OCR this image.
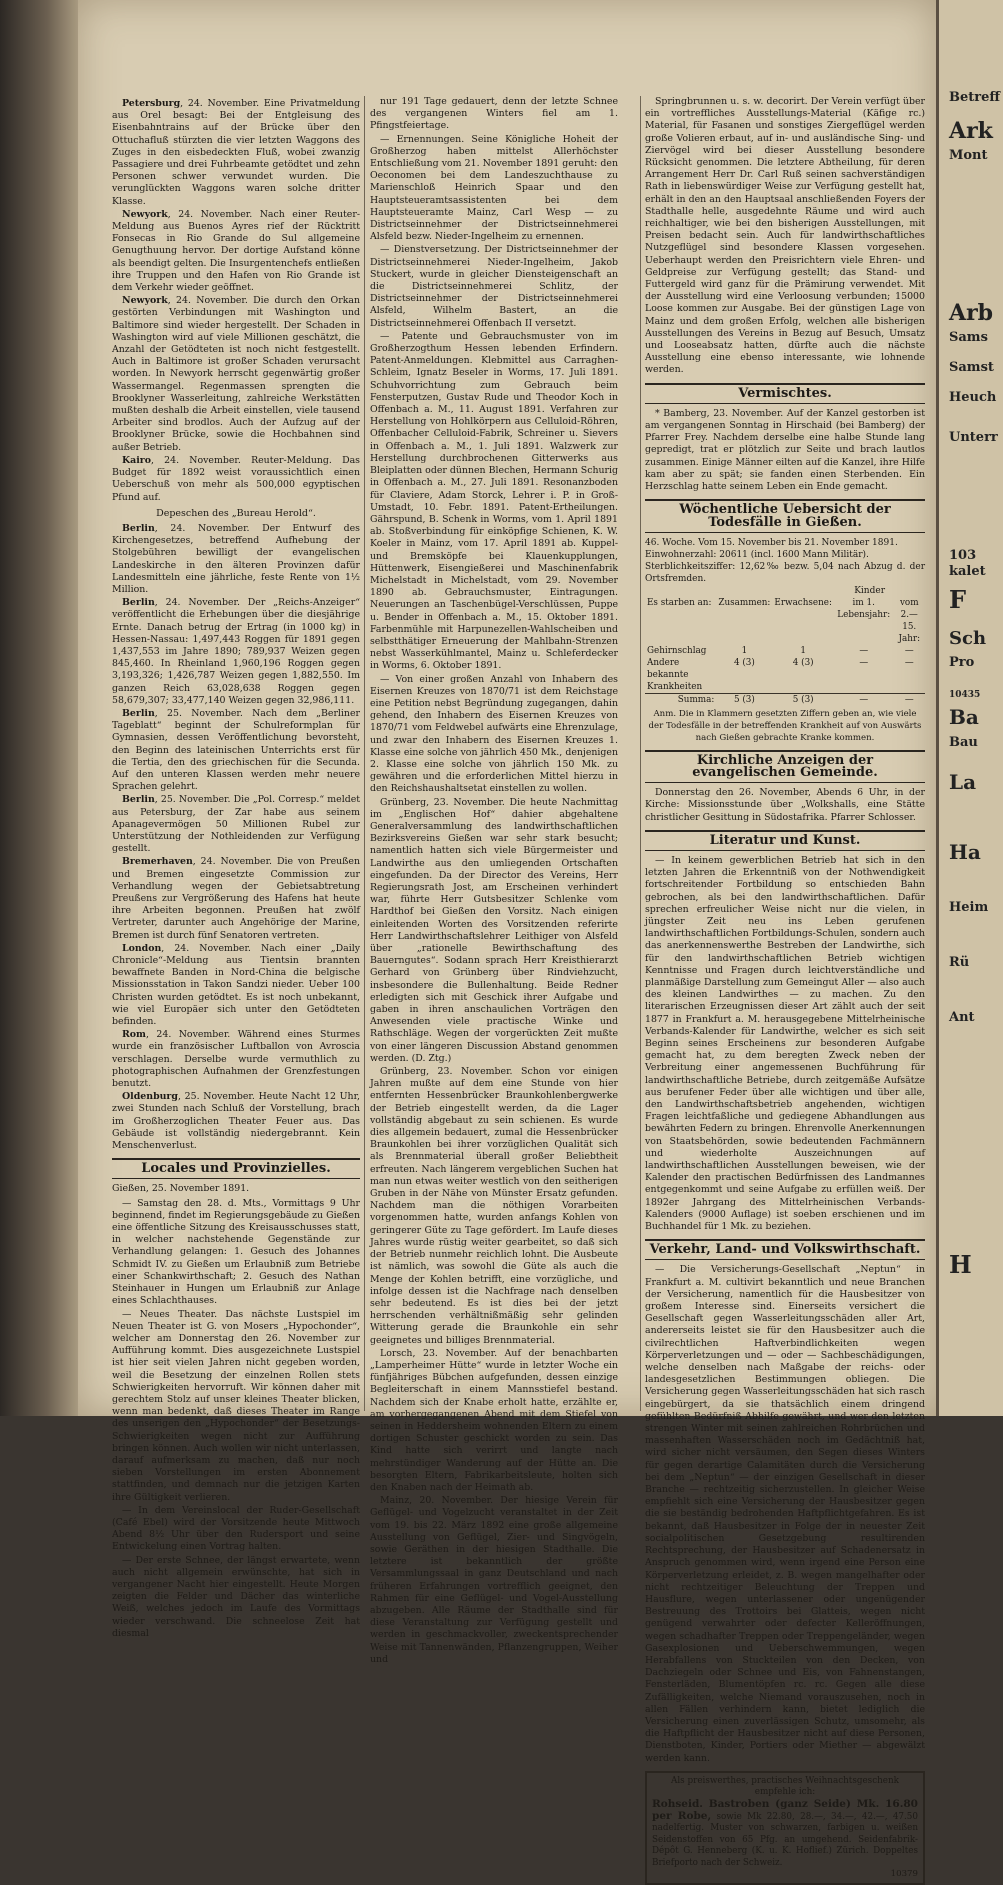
Petersburg, 24. November. Eine Privatmeldung aus Orel besagt: Bei der Entgleisung des Eisenbahntrains auf der Brücke über den Ottuchafluß stürzten die vier letzten Waggons des Zuges in den eisbedeckten Fluß, wobei zwanzig Passagiere und drei Fuhrbeamte getödtet und zehn Personen schwer verwundet wurden. Die verunglückten Waggons waren solche dritter Klasse.

Newyork, 24. November. Nach einer Reuter-Meldung aus Buenos Ayres rief der Rücktritt Fonsecas in Rio Grande do Sul allgemeine Genugthuung hervor. Der dortige Aufstand könne als beendigt gelten. Die Insurgentenchefs entließen ihre Truppen und den Hafen von Rio Grande ist dem Verkehr wieder geöffnet.

Newyork, 24. November. Die durch den Orkan gestörten Verbindungen mit Washington und Baltimore sind wieder hergestellt. Der Schaden in Washington wird auf viele Millionen geschätzt, die Anzahl der Getödteten ist noch nicht festgestellt. Auch in Baltimore ist großer Schaden verursacht worden. In Newyork herrscht gegenwärtig großer Wassermangel. Regenmassen sprengten die Brooklyner Wasserleitung, zahlreiche Werkstätten mußten deshalb die Arbeit einstellen, viele tausend Arbeiter sind brodlos. Auch der Aufzug auf der Brooklyner Brücke, sowie die Hochbahnen sind außer Betrieb.

Kairo, 24. November. Reuter-Meldung. Das Budget für 1892 weist voraussichtlich einen Ueberschuß von mehr als 500,000 egyptischen Pfund auf.

Depeschen des „Bureau Herold“.

Berlin, 24. November. Der Entwurf des Kirchengesetzes, betreffend Aufhebung der Stolgebühren bewilligt der evangelischen Landeskirche in den älteren Provinzen dafür Landesmitteln eine jährliche, feste Rente von 1½ Million.

Berlin, 24. November. Der „Reichs-Anzeiger“ veröffentlicht die Erhebungen über die diesjährige Ernte. Danach betrug der Ertrag (in 1000 kg) in Hessen-Nassau: 1,497,443 Roggen für 1891 gegen 1,437,553 im Jahre 1890; 789,937 Weizen gegen 845,460. In Rheinland 1,960,196 Roggen gegen 3,193,326; 1,426,787 Weizen gegen 1,882,550. Im ganzen Reich 63,028,638 Roggen gegen 58,679,307; 33,477,140 Weizen gegen 32,986,111.

Berlin, 25. November. Nach dem „Berliner Tageblatt“ beginnt der Schulreformplan für Gymnasien, dessen Veröffentlichung bevorsteht, den Beginn des lateinischen Unterrichts erst für die Tertia, den des griechischen für die Secunda. Auf den unteren Klassen werden mehr neuere Sprachen gelehrt.

Berlin, 25. November. Die „Pol. Corresp.“ meldet aus Petersburg, der Zar habe aus seinem Apanagevermögen 50 Millionen Rubel zur Unterstützung der Nothleidenden zur Verfügung gestellt.

Bremerhaven, 24. November. Die von Preußen und Bremen eingesetzte Commission zur Verhandlung wegen der Gebietsabtretung Preußens zur Vergrößerung des Hafens hat heute ihre Arbeiten begonnen. Preußen hat zwölf Vertreter, darunter auch Angehörige der Marine, Bremen ist durch fünf Senatoren vertreten.

London, 24. November. Nach einer „Daily Chronicle“-Meldung aus Tientsin brannten bewaffnete Banden in Nord-China die belgische Missionsstation in Takon Sandzi nieder. Ueber 100 Christen wurden getödtet. Es ist noch unbekannt, wie viel Europäer sich unter den Getödteten befinden.

Rom, 24. November. Während eines Sturmes wurde ein französischer Luftballon von Avroscia verschlagen. Derselbe wurde vermuthlich zu photographischen Aufnahmen der Grenzfestungen benutzt.

Oldenburg, 25. November. Heute Nacht 12 Uhr, zwei Stunden nach Schluß der Vorstellung, brach im Großherzoglichen Theater Feuer aus. Das Gebäude ist vollständig niedergebrannt. Kein Menschenverlust.

Locales und Provinzielles.
Gießen, 25. November 1891.

— Samstag den 28. d. Mts., Vormittags 9 Uhr beginnend, findet im Regierungsgebäude zu Gießen eine öffentliche Sitzung des Kreisausschusses statt, in welcher nachstehende Gegenstände zur Verhandlung gelangen: 1. Gesuch des Johannes Schmidt IV. zu Gießen um Erlaubniß zum Betriebe einer Schankwirthschaft; 2. Gesuch des Nathan Steinhauer in Hungen um Erlaubniß zur Anlage eines Schlachthauses.

— Neues Theater. Das nächste Lustspiel im Neuen Theater ist G. von Mosers „Hypochonder“, welcher am Donnerstag den 26. November zur Aufführung kommt. Dies ausgezeichnete Lustspiel ist hier seit vielen Jahren nicht gegeben worden, weil die Besetzung der einzelnen Rollen stets Schwierigkeiten hervorruft. Wir können daher mit gerechtem Stolz auf unser kleines Theater blicken, wenn man bedenkt, daß dieses Theater im Range des unserigen den „Hypochonder“ der Besetzungs-Schwierigkeiten wegen nicht zur Aufführung bringen können. Auch wollen wir nicht unterlassen, darauf aufmerksam zu machen, daß nur noch sieben Vorstellungen im ersten Abonnement stattfinden, und demnach nur die jetzigen Karten ihre Gültigkeit verlieren.

— In dem Vereinslocal der Ruder-Gesellschaft (Café Ebel) wird der Vorsitzende heute Mittwoch Abend 8½ Uhr über den Rudersport und seine Entwickelung einen Vortrag halten.

— Der erste Schnee, der längst erwartete, wenn auch nicht allgemein erwünschte, hat sich in vergangener Nacht hier eingestellt. Heute Morgen zeigten die Felder und Dächer das winterliche Weiß, welches jedoch im Laufe des Vormittags wieder verschwand. Die schneelose Zeit hat diesmal

nur 191 Tage gedauert, denn der letzte Schnee des vergangenen Winters fiel am 1. Pfingstfeiertage.

— Ernennungen. Seine Königliche Hoheit der Großherzog haben mittelst Allerhöchster Entschließung vom 21. November 1891 geruht: den Oeconomen bei dem Landeszuchthause zu Marienschloß Heinrich Spaar und den Hauptsteueramtsassistenten bei dem Hauptsteueramte Mainz, Carl Wesp — zu Districtseinnehmer der Districtseinnehmerei Alsfeld bezw. Nieder-Ingelheim zu ernennen.

— Dienstversetzung. Der Districtseinnehmer der Districtseinnehmerei Nieder-Ingelheim, Jakob Stuckert, wurde in gleicher Diensteigenschaft an die Districtseinnehmerei Schlitz, der Districtseinnehmer der Districtseinnehmerei Alsfeld, Wilhelm Bastert, an die Districtseinnehmerei Offenbach II versetzt.

— Patente und Gebrauchsmuster von im Großherzogthum Hessen lebenden Erfindern. Patent-Anmeldungen. Klebmittel aus Carraghen-Schleim, Ignatz Beseler in Worms, 17. Juli 1891. Schuhvorrichtung zum Gebrauch beim Fensterputzen, Gustav Rude und Theodor Koch in Offenbach a. M., 11. August 1891. Verfahren zur Herstellung von Hohlkörpern aus Celluloid-Röhren, Offenbacher Celluloid-Fabrik, Schreiner u. Sievers in Offenbach a. M., 1. Juli 1891. Walzwerk zur Herstellung durchbrochenen Gitterwerks aus Bleiplatten oder dünnen Blechen, Hermann Schurig in Offenbach a. M., 27. Juli 1891. Resonanzboden für Claviere, Adam Storck, Lehrer i. P. in Groß-Umstadt, 10. Febr. 1891. Patent-Ertheilungen. Gährspund, B. Schenk in Worms, vom 1. April 1891 ab. Stoßverbindung für einköpfige Schienen, K. W. Koeler in Mainz, vom 17. April 1891 ab. Kuppel- und Bremsköpfe bei Klauenkupplungen, Hüttenwerk, Eisengießerei und Maschinenfabrik Michelstadt in Michelstadt, vom 29. November 1890 ab. Gebrauchsmuster, Eintragungen. Neuerungen an Taschenbügel-Verschlüssen, Puppe u. Bender in Offenbach a. M., 15. Oktober 1891. Farbenmühle mit Harpunezellen-Wahlscheiben und selbstthätiger Erneuerung der Mahlbahn-Strenzen nebst Wasserkühlmantel, Mainz u. Schleferdecker in Worms, 6. Oktober 1891.

— Von einer großen Anzahl von Inhabern des Eisernen Kreuzes von 1870/71 ist dem Reichstage eine Petition nebst Begründung zugegangen, dahin gehend, den Inhabern des Eisernen Kreuzes von 1870/71 vom Feldwebel aufwärts eine Ehrenzulage, und zwar den Inhabern des Eisernen Kreuzes 1. Klasse eine solche von jährlich 450 Mk., denjenigen 2. Klasse eine solche von jährlich 150 Mk. zu gewähren und die erforderlichen Mittel hierzu in den Reichshaushaltsetat einstellen zu wollen.

Grünberg, 23. November. Die heute Nachmittag im „Englischen Hof“ dahier abgehaltene Generalversammlung des landwirthschaftlichen Bezirksvereins Gießen war sehr stark besucht; namentlich hatten sich viele Bürgermeister und Landwirthe aus den umliegenden Ortschaften eingefunden. Da der Director des Vereins, Herr Regierungsrath Jost, am Erscheinen verhindert war, führte Herr Gutsbesitzer Schlenke vom Hardthof bei Gießen den Vorsitz. Nach einigen einleitenden Worten des Vorsitzenden referirte Herr Landwirthschaftslehrer Leithiger von Alsfeld über „rationelle Bewirthschaftung des Bauerngutes“. Sodann sprach Herr Kreisthierarzt Gerhard von Grünberg über Rindviehzucht, insbesondere die Bullenhaltung. Beide Redner erledigten sich mit Geschick ihrer Aufgabe und gaben in ihren anschaulichen Vorträgen den Anwesenden viele practische Winke und Rathschläge. Wegen der vorgerückten Zeit mußte von einer längeren Discussion Abstand genommen werden. (D. Ztg.)

Grünberg, 23. November. Schon vor einigen Jahren mußte auf dem eine Stunde von hier entfernten Hessenbrücker Braunkohlenbergwerke der Betrieb eingestellt werden, da die Lager vollständig abgebaut zu sein schienen. Es wurde dies allgemein bedauert, zumal die Hessenbrücker Braunkohlen bei ihrer vorzüglichen Qualität sich als Brennmaterial überall großer Beliebtheit erfreuten. Nach längerem vergeblichen Suchen hat man nun etwas weiter westlich von den seitherigen Gruben in der Nähe von Münster Ersatz gefunden. Nachdem man die nöthigen Vorarbeiten vorgenommen hatte, wurden anfangs Kohlen von geringerer Güte zu Tage gefördert. Im Laufe dieses Jahres wurde rüstig weiter gearbeitet, so daß sich der Betrieb nunmehr reichlich lohnt. Die Ausbeute ist nämlich, was sowohl die Güte als auch die Menge der Kohlen betrifft, eine vorzügliche, und infolge dessen ist die Nachfrage nach denselben sehr bedeutend. Es ist dies bei der jetzt herrschenden verhältnißmäßig sehr gelinden Witterung gerade die Braunkohle ein sehr geeignetes und billiges Brennmaterial.

Lorsch, 23. November. Auf der benachbarten „Lamperheimer Hütte“ wurde in letzter Woche ein fünfjähriges Bübchen aufgefunden, dessen einzige Begleiterschaft in einem Mannsstiefel bestand. Nachdem sich der Knabe erholt hatte, erzählte er, am vorhergegangenen Abend mit dem Stiefel von seinen in Heddersheim wohnenden Eltern zu einem dortigen Schuster geschickt worden zu sein. Das Kind hatte sich verirrt und langte nach mehrstündiger Wanderung auf der Hütte an. Die besorgten Eltern, Fabrikarbeitsleute, holten sich den Knaben nach der Heimath ab.

Mainz, 20. November. Der hiesige Verein für Geflügel- und Vogelzucht veranstaltet in der Zeit vom 19. bis 22. März 1892 eine große allgemeine Ausstellung von Geflügel, Zier- und Singvögeln, sowie Geräthen in der hiesigen Stadthalle. Die letztere ist bekanntlich der größte Versammlungssaal in ganz Deutschland und nach früheren Erfahrungen vortrefflich geeignet, den Rahmen für eine Geflügel- und Vogel-Ausstellung abzugeben. Alle Räume der Stadthalle sind für diese Veranstaltung zur Verfügung gestellt und werden in geschmackvoller, zweckentsprechender Weise mit Tannenwänden, Pflanzengruppen, Weiher und

Springbrunnen u. s. w. decorirt. Der Verein verfügt über ein vortreffliches Ausstellungs-Material (Käfige rc.) Material, für Fasanen und sonstiges Ziergeflügel werden große Volieren erbaut, auf in- und ausländische Sing- und Ziervögel wird bei dieser Ausstellung besondere Rücksicht genommen. Die letztere Abtheilung, für deren Arrangement Herr Dr. Carl Ruß seinen sachverständigen Rath in liebenswürdiger Weise zur Verfügung gestellt hat, erhält in den an den Hauptsaal anschließenden Foyers der Stadthalle helle, ausgedehnte Räume und wird auch reichhaltiger, wie bei den bisherigen Ausstellungen, mit Preisen bedacht sein. Auch für landwirthschaftliches Nutzgeflügel sind besondere Klassen vorgesehen. Ueberhaupt werden den Preisrichtern viele Ehren- und Geldpreise zur Verfügung gestellt; das Stand- und Futtergeld wird ganz für die Prämirung verwendet. Mit der Ausstellung wird eine Verloosung verbunden; 15000 Loose kommen zur Ausgabe. Bei der günstigen Lage von Mainz und dem großen Erfolg, welchen alle bisherigen Ausstellungen des Vereins in Bezug auf Besuch, Umsatz und Looseabsatz hatten, dürfte auch die nächste Ausstellung eine ebenso interessante, wie lohnende werden.

Vermischtes.

* Bamberg, 23. November. Auf der Kanzel gestorben ist am vergangenen Sonntag in Hirschaid (bei Bamberg) der Pfarrer Frey. Nachdem derselbe eine halbe Stunde lang gepredigt, trat er plötzlich zur Seite und brach lautlos zusammen. Einige Männer eilten auf die Kanzel, ihre Hilfe kam aber zu spät; sie fanden einen Sterbenden. Ein Herzschlag hatte seinem Leben ein Ende gemacht.

Wöchentliche Uebersicht der Todesfälle in Gießen.
46. Woche. Vom 15. November bis 21. November 1891.
Einwohnerzahl: 20611 (incl. 1600 Mann Militär).
Sterblichkeitsziffer: 12,62‰ bezw. 5,04 nach Abzug d. der Ortsfremden.
Kinder
Es starben an:	Zusammen:	Erwachsene:	im 1. Lebensjahr:	vom 2.—15. Jahr:
Gehirnschlag	1	1	—	—
Andere bekannte Krankheiten	4 (3)	4 (3)	—	—
Summa:	5 (3)	5 (3)	—	—
Anm. Die in Klammern gesetzten Ziffern geben an, wie viele der Todesfälle in der betreffenden Krankheit auf von Auswärts nach Gießen gebrachte Kranke kommen.
Kirchliche Anzeigen der evangelischen Gemeinde.

Donnerstag den 26. November, Abends 6 Uhr, in der Kirche: Missionsstunde über „Wolkshalls, eine Stätte christlicher Gesittung in Südostafrika. Pfarrer Schlosser.

Literatur und Kunst.

— In keinem gewerblichen Betrieb hat sich in den letzten Jahren die Erkenntniß von der Nothwendigkeit fortschreitender Fortbildung so entschieden Bahn gebrochen, als bei den landwirthschaftlichen. Dafür sprechen erfreulicher Weise nicht nur die vielen, in jüngster Zeit neu ins Leben gerufenen landwirthschaftlichen Fortbildungs-Schulen, sondern auch das anerkennenswerthe Bestreben der Landwirthe, sich für den landwirthschaftlichen Betrieb wichtigen Kenntnisse und Fragen durch leichtverständliche und planmäßige Darstellung zum Gemeingut Aller — also auch des kleinen Landwirthes — zu machen. Zu den literarischen Erzeugnissen dieser Art zählt auch der seit 1877 in Frankfurt a. M. herausgegebene Mittelrheinische Verbands-Kalender für Landwirthe, welcher es sich seit Beginn seines Erscheinens zur besonderen Aufgabe gemacht hat, zu dem beregten Zweck neben der Verbreitung einer angemessenen Buchführung für landwirthschaftliche Betriebe, durch zeitgemäße Aufsätze aus berufener Feder über alle wichtigen und über alle, den Landwirthschaftsbetrieb angehenden, wichtigen Fragen leichtfaßliche und gediegene Abhandlungen aus bewährten Federn zu bringen. Ehrenvolle Anerkennungen von Staatsbehörden, sowie bedeutenden Fachmännern und wiederholte Auszeichnungen auf landwirthschaftlichen Ausstellungen beweisen, wie der Kalender den practischen Bedürfnissen des Landmannes entgegenkommt und seine Aufgabe zu erfüllen weiß. Der 1892er Jahrgang des Mittelrheinischen Verbands-Kalenders (9000 Auflage) ist soeben erschienen und im Buchhandel für 1 Mk. zu beziehen.

Verkehr, Land- und Volkswirthschaft.

— Die Versicherungs-Gesellschaft „Neptun“ in Frankfurt a. M. cultivirt bekanntlich und neue Branchen der Versicherung, namentlich für die Hausbesitzer von großem Interesse sind. Einerseits versichert die Gesellschaft gegen Wasserleitungsschäden aller Art, andererseits leistet sie für den Hausbesitzer auch die civilrechtlichen Haftverbindlichkeiten wegen Körperverletzungen und — oder — Sachbeschädigungen, welche denselben nach Maßgabe der reichs- oder landesgesetzlichen Bestimmungen obliegen. Die Versicherung gegen Wasserleitungsschäden hat sich rasch eingebürgert, da sie thatsächlich einem dringend gefühlten Bedürfniß Abhilfe gewährt, und wer den letzten strengen Winter mit seinen zahlreichen Rohrbrüchen und massenhaften Wasserschäden noch im Gedächtniß hat, wird sicher nicht versäumen, den Segen dieses Winters für gegen derartige Calamitäten durch die Versicherung bei dem „Neptun“ — der einzigen Gesellschaft in dieser Branche — rechtzeitig sicherzustellen. In gleicher Weise empfiehlt sich eine Versicherung der Hausbesitzer gegen die sie beständig bedrohenden Haftpflichtgefahren. Es ist bekannt, daß Hausbesitzer in Folge der in neuester Zeit socialpolitischen Gesetzgebung resultirenden Rechtsprechung, der Hausbesitzer auf Schadenersatz in Anspruch genommen wird, wenn irgend eine Person eine Körperverletzung erleidet, z. B. wegen mangelhafter oder nicht rechtzeitiger Beleuchtung der Treppen und Hausflure, wegen unterlassener oder ungenügender Bestreuung des Trottoirs bei Glatteis, wegen nicht genügend verwahrter oder defecter Kelleröffnungen, wegen schadhafter Treppen oder Treppengeländer, wegen Gasexplosionen und Ueberschwemmungen, wegen Herabfallens von Stuckteilen von den Decken, von Dachziegeln oder Schnee und Eis, von Fahnenstangen, Fensterläden, Blumentöpfen rc. rc. Gegen alle diese Zufälligkeiten, welche Niemand vorauszusehen, noch in allen Fällen verhindern kann, bietet lediglich die Versicherung einen zuverlässigen Schutz, umsomehr, als die Haftpflicht der Hausbesitzer nicht auf diese Personen, Dienstboten, Kinder, Portiers oder Miether — abgewälzt werden kann.

Als preiswerthes, practisches Weihnachtsgeschenk empfehle ich:
Rohseid. Bastroben (ganz Seide) Mk. 16.80 per Robe, sowie Mk 22.80, 28.—, 34.—, 42.—, 47.50 nadelfertig. Muster von schwarzen, farbigen u. weißen Seidenstoffen von 65 Pfg. an umgehend. Seidenfabrik-Dépôt G. Henneberg (K. u. K. Hoflief.) Zürich. Doppeltes Briefporto nach der Schweiz.
10379
Betreff
Ark
Mont
Sams
Arb
Samst
Heuch
Unterr
103
kalet
F
Sch
Pro
10435
Ba
Bau
La
Ha
Heim
Rü
Ant
H
